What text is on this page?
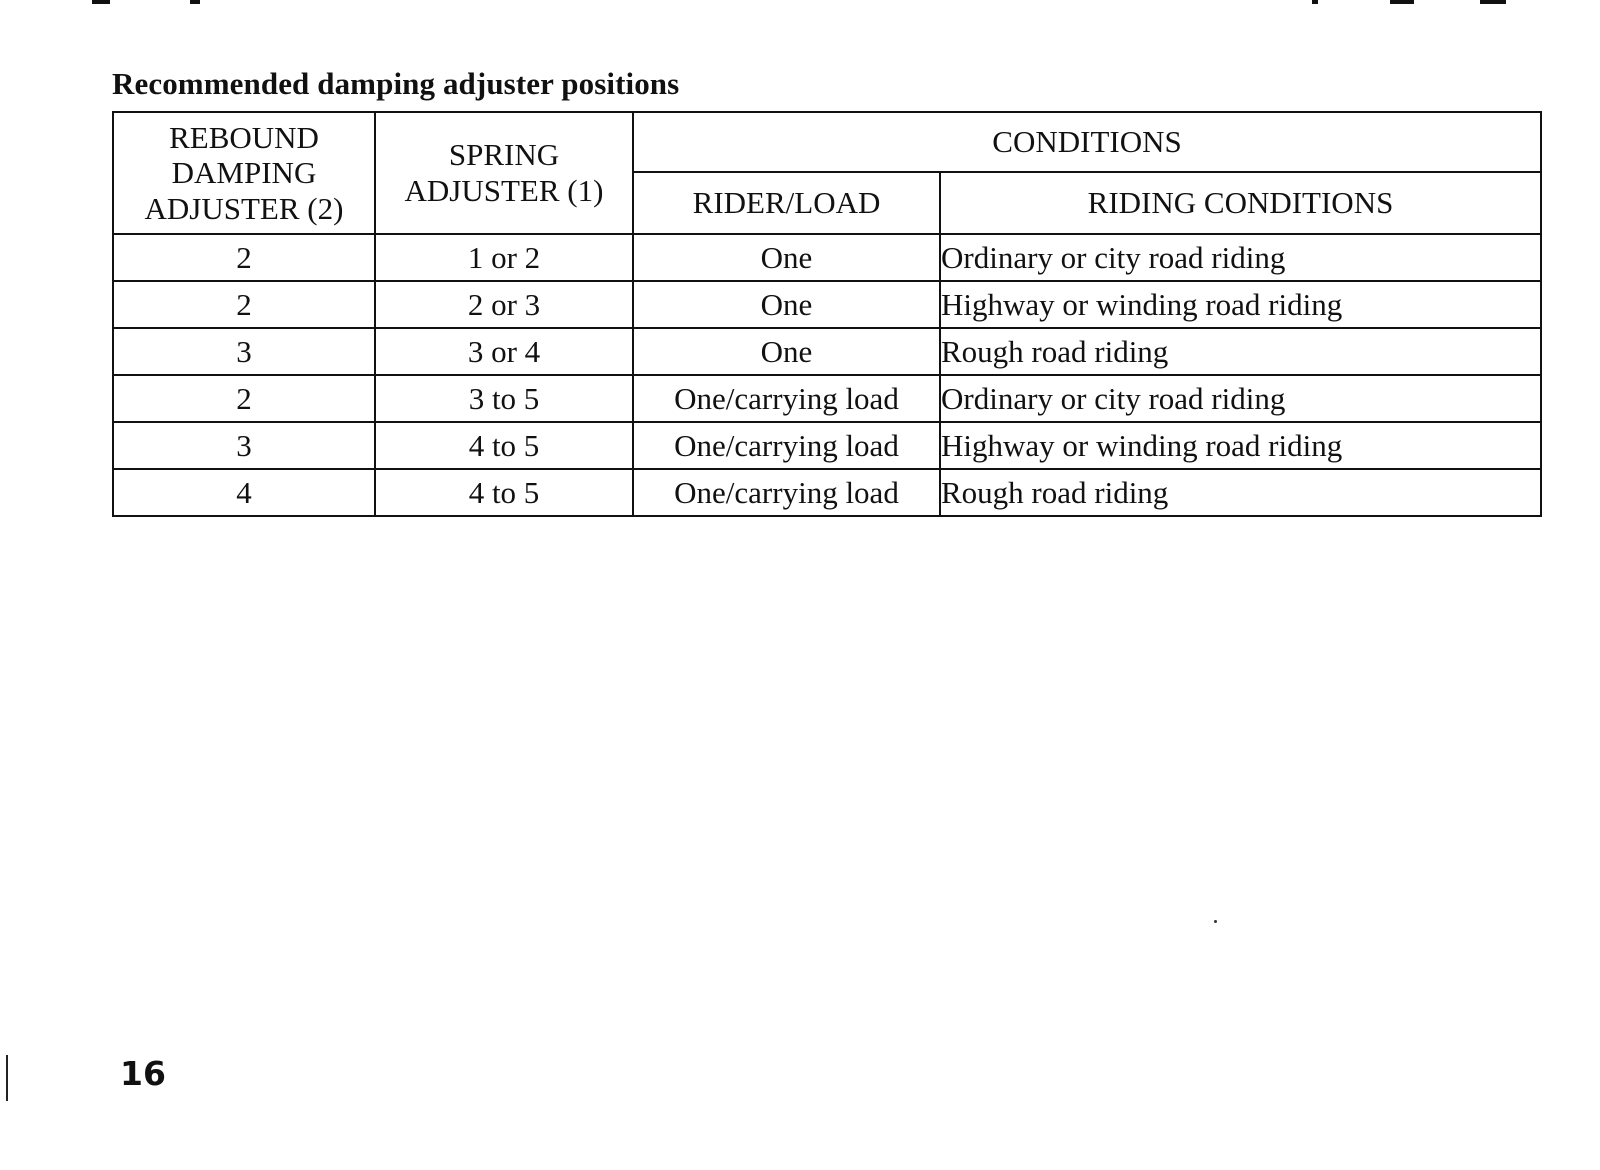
Recommended damping adjuster positions
REBOUND DAMPING ADJUSTER (2)	SPRING ADJUSTER (1)	CONDITIONS	
		RIDER/LOAD	RIDING CONDITIONS
2	1 or 2	One	Ordinary or city road riding
2	2 or 3	One	Highway or winding road riding
3	3 or 4	One	Rough road riding
2	3 to 5	One/carrying load	Ordinary or city road riding
3	4 to 5	One/carrying load	Highway or winding road riding
4	4 to 5	One/carrying load	Rough road riding
16
